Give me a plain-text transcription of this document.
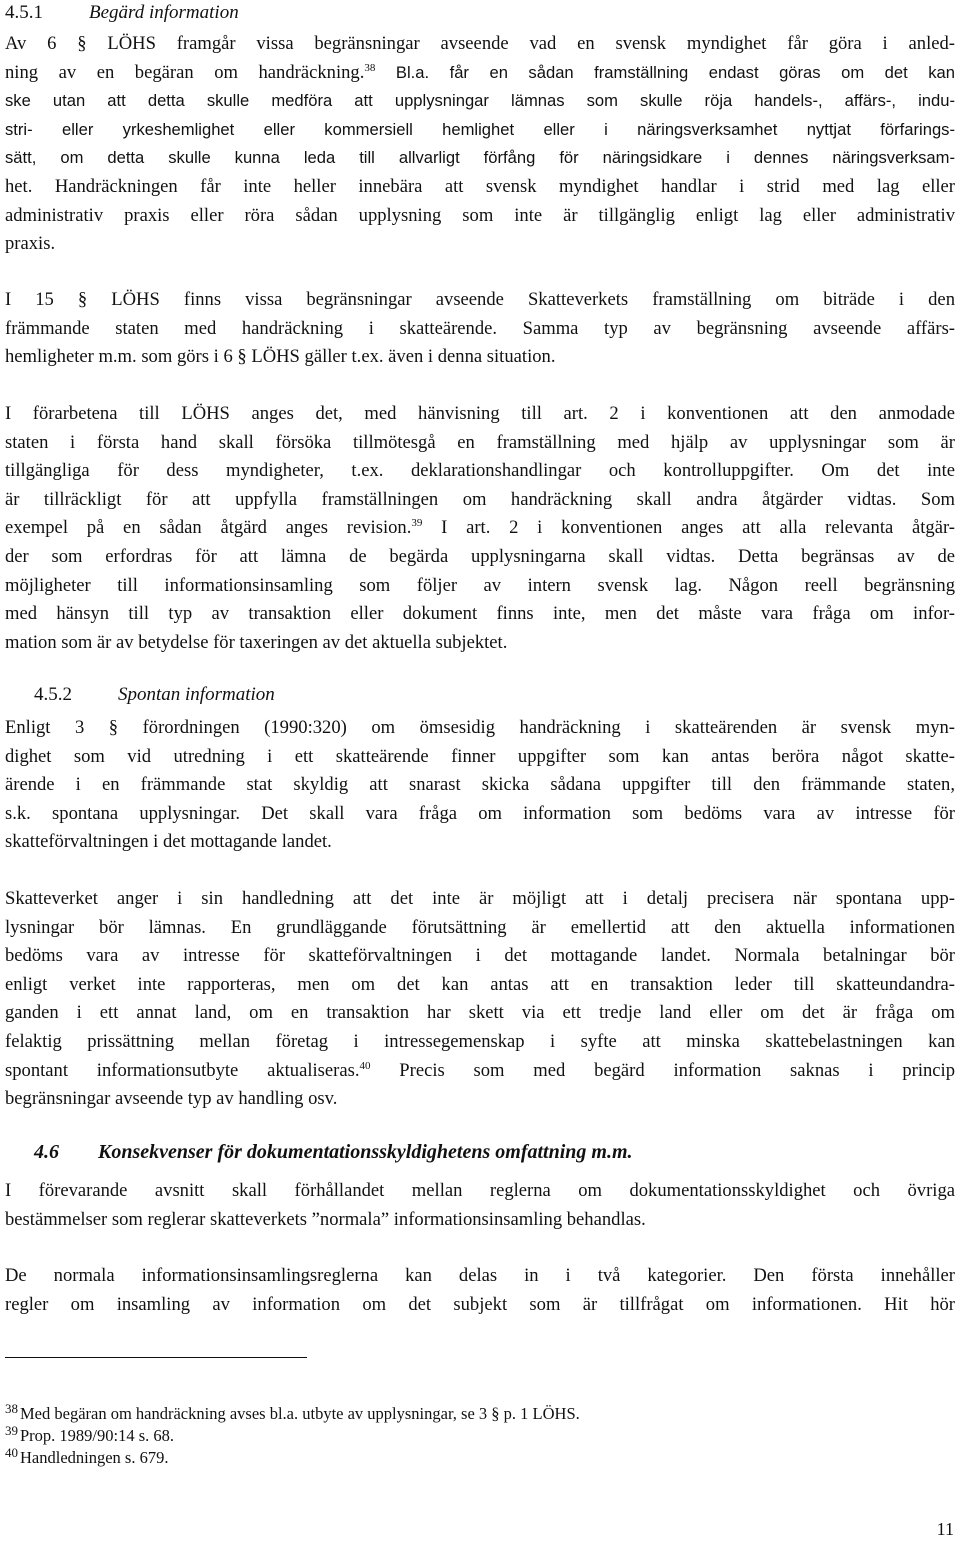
4.5.1 Begärd information
Av 6 § LÖHS framgår vissa begränsningar avseende vad en svensk myndighet får göra i anled-
ning av en begäran om handräckning.$^{38}$ Bl.a. får en sådan framställning endast göras om det kan
ske utan att detta skulle medföra att upplysningar lämnas som skulle röja handels-, affärs-, indu-
stri- eller yrkeshemlighet eller kommersiell hemlighet eller i näringsverksamhet nyttjat förfarings-
sätt, om detta skulle kunna leda till allvarligt förfång för näringsidkare i dennes näringsverksam-
het. Handräckningen får inte heller innebära att svensk myndighet handlar i strid med lag eller
administrativ praxis eller röra sådan upplysning som inte är tillgänglig enligt lag eller administrativ
praxis.
I 15 § LÖHS finns vissa begränsningar avseende Skatteverkets framställning om biträde i den
främmande staten med handräckning i skatteärende. Samma typ av begränsning avseende affärs-
hemligheter m.m. som görs i 6 § LÖHS gäller t.ex. även i denna situation.
I förarbetena till LÖHS anges det, med hänvisning till art. 2 i konventionen att den anmodade
staten i första hand skall försöka tillmötesgå en framställning med hjälp av upplysningar som är
tillgängliga för dess myndigheter, t.ex. deklarationshandlingar och kontrolluppgifter. Om det inte
är tillräckligt för att uppfylla framställningen om handräckning skall andra åtgärder vidtas. Som
exempel på en sådan åtgärd anges revision.$^{39}$ I art. 2 i konventionen anges att alla relevanta åtgär-
der som erfordras för att lämna de begärda upplysningarna skall vidtas. Detta begränsas av de
möjligheter till informationsinsamling som följer av intern svensk lag. Någon reell begränsning
med hänsyn till typ av transaktion eller dokument finns inte, men det måste vara fråga om infor-
mation som är av betydelse för taxeringen av det aktuella subjektet.
4.5.2 Spontan information
Enligt 3 § förordningen (1990:320) om ömsesidig handräckning i skatteärenden är svensk myn-
dighet som vid utredning i ett skatteärende finner uppgifter som kan antas beröra något skatte-
ärende i en främmande stat skyldig att snarast skicka sådana uppgifter till den främmande staten,
s.k. spontana upplysningar. Det skall vara fråga om information som bedöms vara av intresse för
skatteförvaltningen i det mottagande landet.
Skatteverket anger i sin handledning att det inte är möjligt att i detalj precisera när spontana upp-
lysningar bör lämnas. En grundläggande förutsättning är emellertid att den aktuella informationen
bedöms vara av intresse för skatteförvaltningen i det mottagande landet. Normala betalningar bör
enligt verket inte rapporteras, men om det kan antas att en transaktion leder till skatteundandra-
ganden i ett annat land, om en transaktion har skett via ett tredje land eller om det är fråga om
felaktig prissättning mellan företag i intressegemenskap i syfte att minska skattebelastningen kan
spontant informationsutbyte aktualiseras.$^{40}$ Precis som med begärd information saknas i princip
begränsningar avseende typ av handling osv.
4.6 Konsekvenser för dokumentationsskyldighetens omfattning m.m.
I förevarande avsnitt skall förhållandet mellan reglerna om dokumentationsskyldighet och övriga
bestämmelser som reglerar skatteverkets ”normala” informationsinsamling behandlas.
De normala informationsinsamlingsreglerna kan delas in i två kategorier. Den första innehåller
regler om insamling av information om det subjekt som är tillfrågat om informationen. Hit hör
$^{38}$ Med begäran om handräckning avses bl.a. utbyte av upplysningar, se 3 § p. 1 LÖHS.
$^{39}$ Prop. 1989/90:14 s. 68.
$^{40}$ Handledningen s. 679.
11
